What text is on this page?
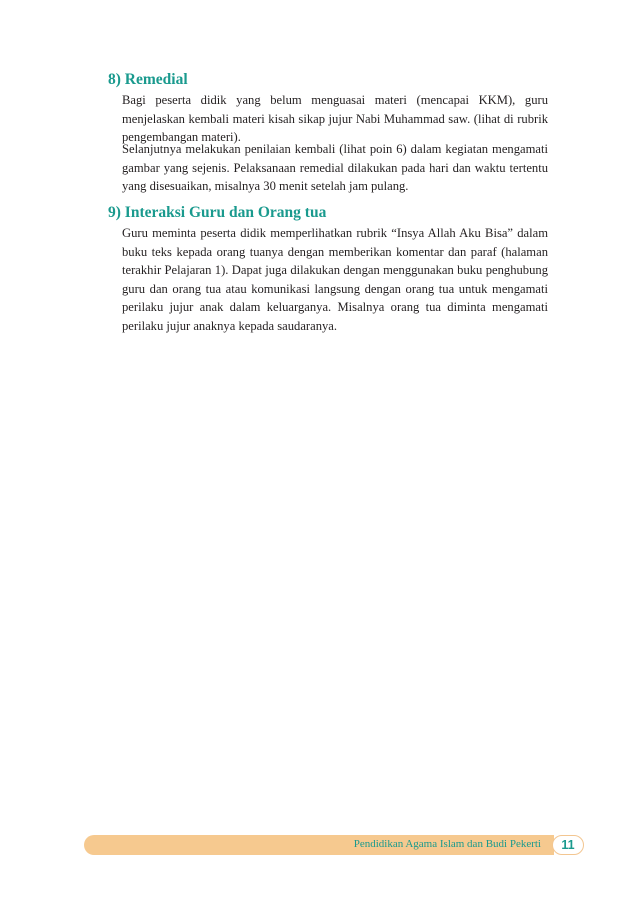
8) Remedial

Bagi peserta didik yang belum menguasai materi (mencapai KKM), guru menjelaskan kembali materi kisah sikap jujur Nabi Muhammad saw. (lihat di rubrik pengembangan materi).

Selanjutnya melakukan penilaian kembali (lihat poin 6) dalam kegiatan mengamati gambar yang sejenis. Pelaksanaan remedial dilakukan pada hari dan waktu tertentu yang disesuaikan, misalnya 30 menit setelah jam pulang.

9) Interaksi Guru dan Orang tua

Guru meminta peserta didik memperlihatkan rubrik “Insya Allah Aku Bisa” dalam buku teks kepada orang tuanya dengan memberikan komentar dan paraf (halaman terakhir Pelajaran 1). Dapat juga dilakukan dengan menggunakan buku penghubung guru dan orang tua atau komunikasi langsung dengan orang tua untuk mengamati perilaku jujur anak dalam keluarganya. Misalnya orang tua diminta mengamati perilaku jujur anaknya kepada saudaranya.

Pendidikan Agama Islam dan Budi Pekerti	11
